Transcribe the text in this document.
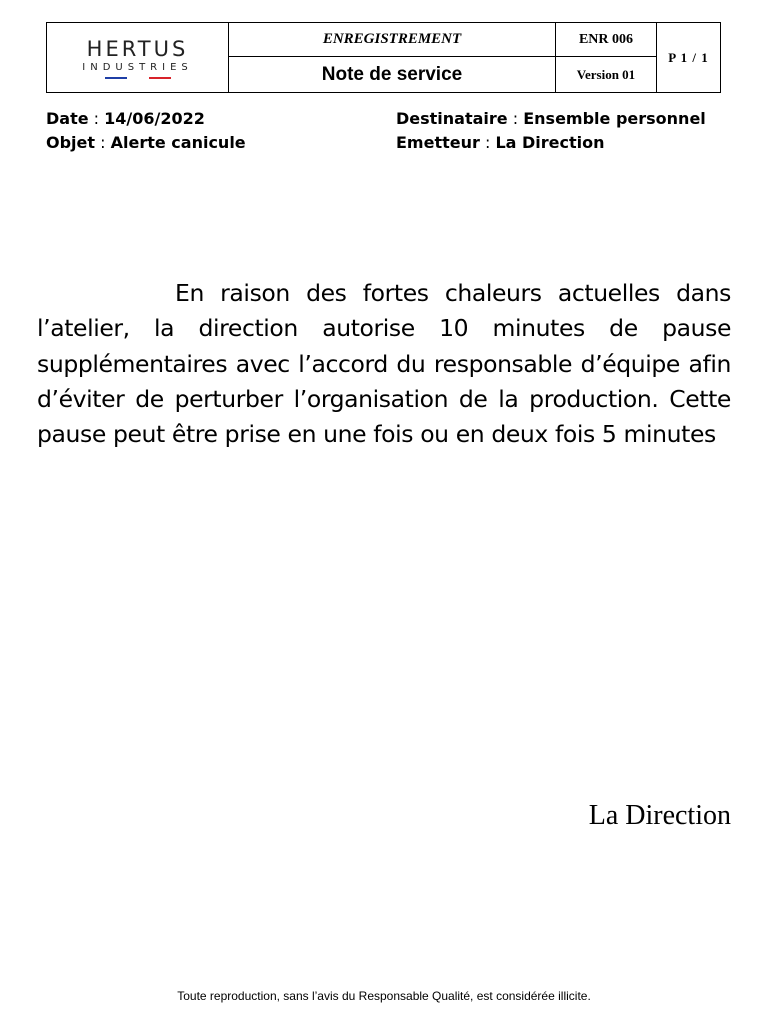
HERTUS
INDUSTRIES	ENREGISTREMENT	ENR 006	P 1 / 1
	Note de service	Version 01	
Date : 14/06/2022
Objet : Alerte canicule
Destinataire : Ensemble personnel
Emetteur : La Direction
En raison des fortes chaleurs actuelles dans l’atelier, la direction autorise 10 minutes de pause supplémentaires avec l’accord du responsable d’équipe afin d’éviter de perturber l’organisation de la production. Cette pause peut être prise en une fois ou en deux fois 5 minutes
La Direction
Toute reproduction, sans l’avis du Responsable Qualité, est considérée illicite.
